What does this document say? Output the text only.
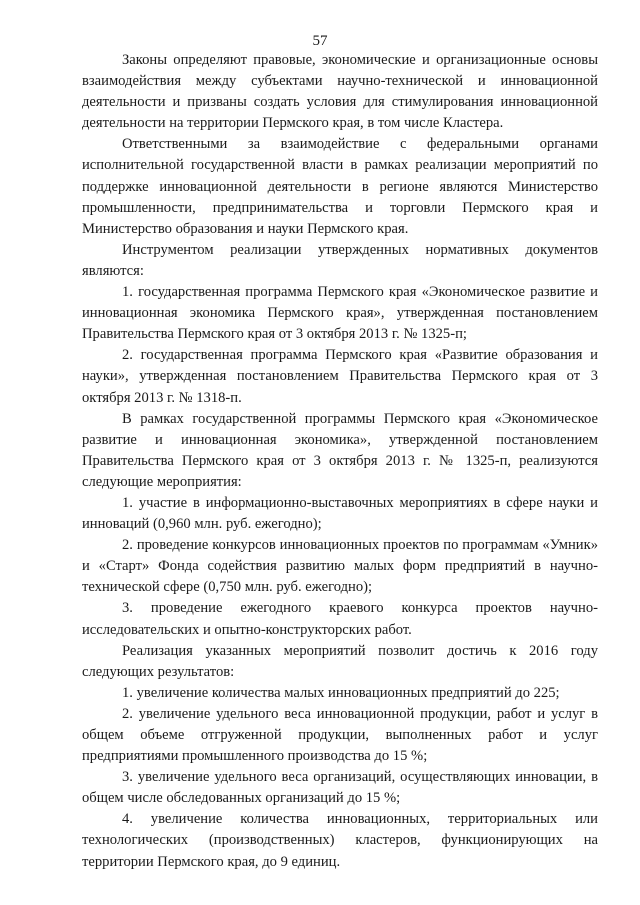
57

Законы определяют правовые, экономические и организационные основы взаимодействия между субъектами научно-технической и инновационной деятельности и призваны создать условия для стимулирования инновационной деятельности на территории Пермского края, в том числе Кластера.

Ответственными за взаимодействие с федеральными органами исполнительной государственной власти в рамках реализации мероприятий по поддержке инновационной деятельности в регионе являются Министерство промышленности, предпринимательства и торговли Пермского края и Министерство образования и науки Пермского края.

Инструментом реализации утвержденных нормативных документов являются:

1. государственная программа Пермского края «Экономическое развитие и инновационная экономика Пермского края», утвержденная постановлением Правительства Пермского края от 3 октября 2013 г. № 1325-п;

2. государственная программа Пермского края «Развитие образования и науки», утвержденная постановлением Правительства Пермского края от 3 октября 2013 г. № 1318-п.

В рамках государственной программы Пермского края «Экономическое развитие и инновационная экономика», утвержденной постановлением Правительства Пермского края от 3 октября 2013 г. № 1325-п, реализуются следующие мероприятия:

1. участие в информационно-выставочных мероприятиях в сфере науки и инноваций (0,960 млн. руб. ежегодно);

2. проведение конкурсов инновационных проектов по программам «Умник» и «Старт» Фонда содействия развитию малых форм предприятий в научно-технической сфере (0,750 млн. руб. ежегодно);

3. проведение ежегодного краевого конкурса проектов научно-исследовательских и опытно-конструкторских работ.

Реализация указанных мероприятий позволит достичь к 2016 году следующих результатов:

1. увеличение количества малых инновационных предприятий до 225;

2. увеличение удельного веса инновационной продукции, работ и услуг в общем объеме отгруженной продукции, выполненных работ и услуг предприятиями промышленного производства до 15 %;

3. увеличение удельного веса организаций, осуществляющих инновации, в общем числе обследованных организаций до 15 %;

4. увеличение количества инновационных, территориальных или технологических (производственных) кластеров, функционирующих на территории Пермского края, до 9 единиц.
